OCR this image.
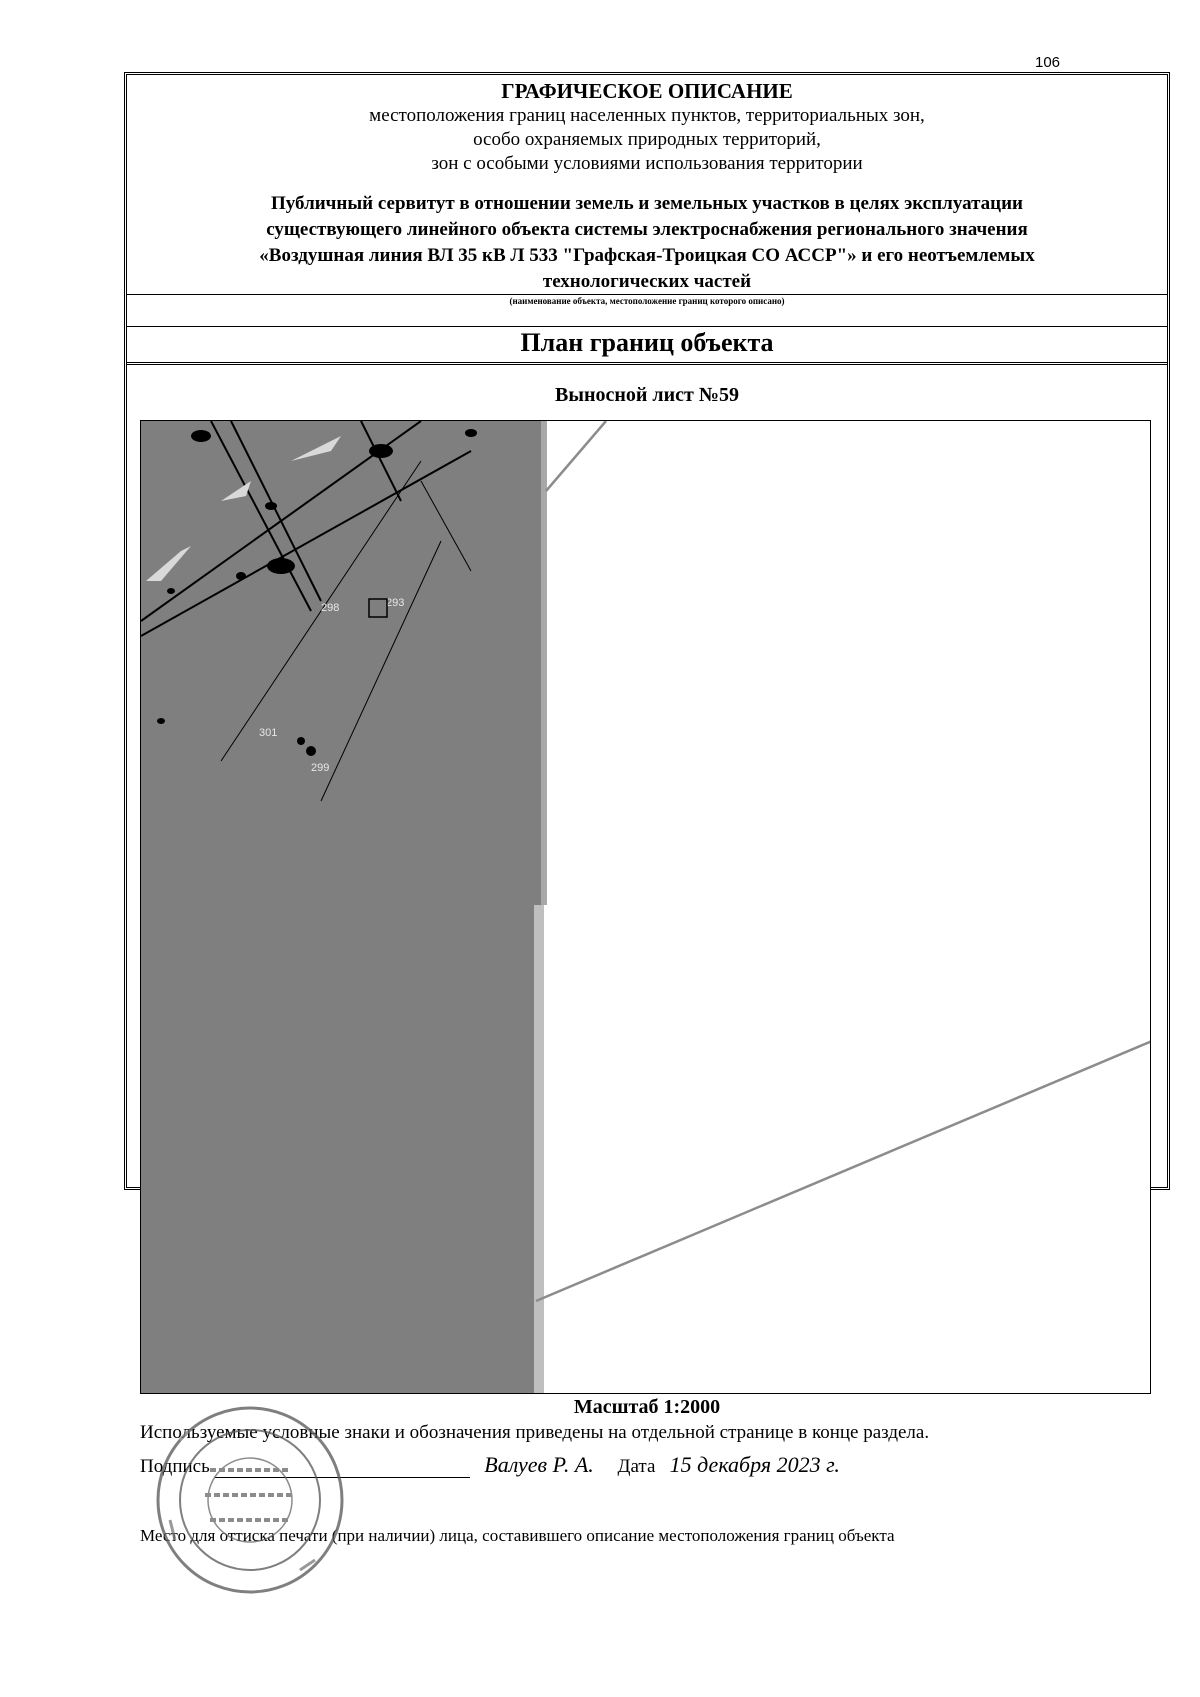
106
ГРАФИЧЕСКОЕ ОПИСАНИЕ
местоположения границ населенных пунктов, территориальных зон,
особо охраняемых природных территорий,
зон с особыми условиями использования территории
Публичный сервитут в отношении земель и земельных участков в целях эксплуатации
существующего линейного объекта системы электроснабжения регионального значения
«Воздушная линия ВЛ 35 кВ Л 533 "Графская-Троицкая СО АССР"» и его неотъемлемых
технологических частей
(наименование объекта, местоположение границ которого описано)
План границ объекта
Выносной лист №59
298	293
301
299
Масштаб 1:2000
Используемые условные знаки и обозначения приведены на отдельной странице в конце раздела.
Подпись	Валуев Р. А. Дата 15 декабря 2023 г.
Место для оттиска печати (при наличии) лица, составившего описание местоположения границ объекта
